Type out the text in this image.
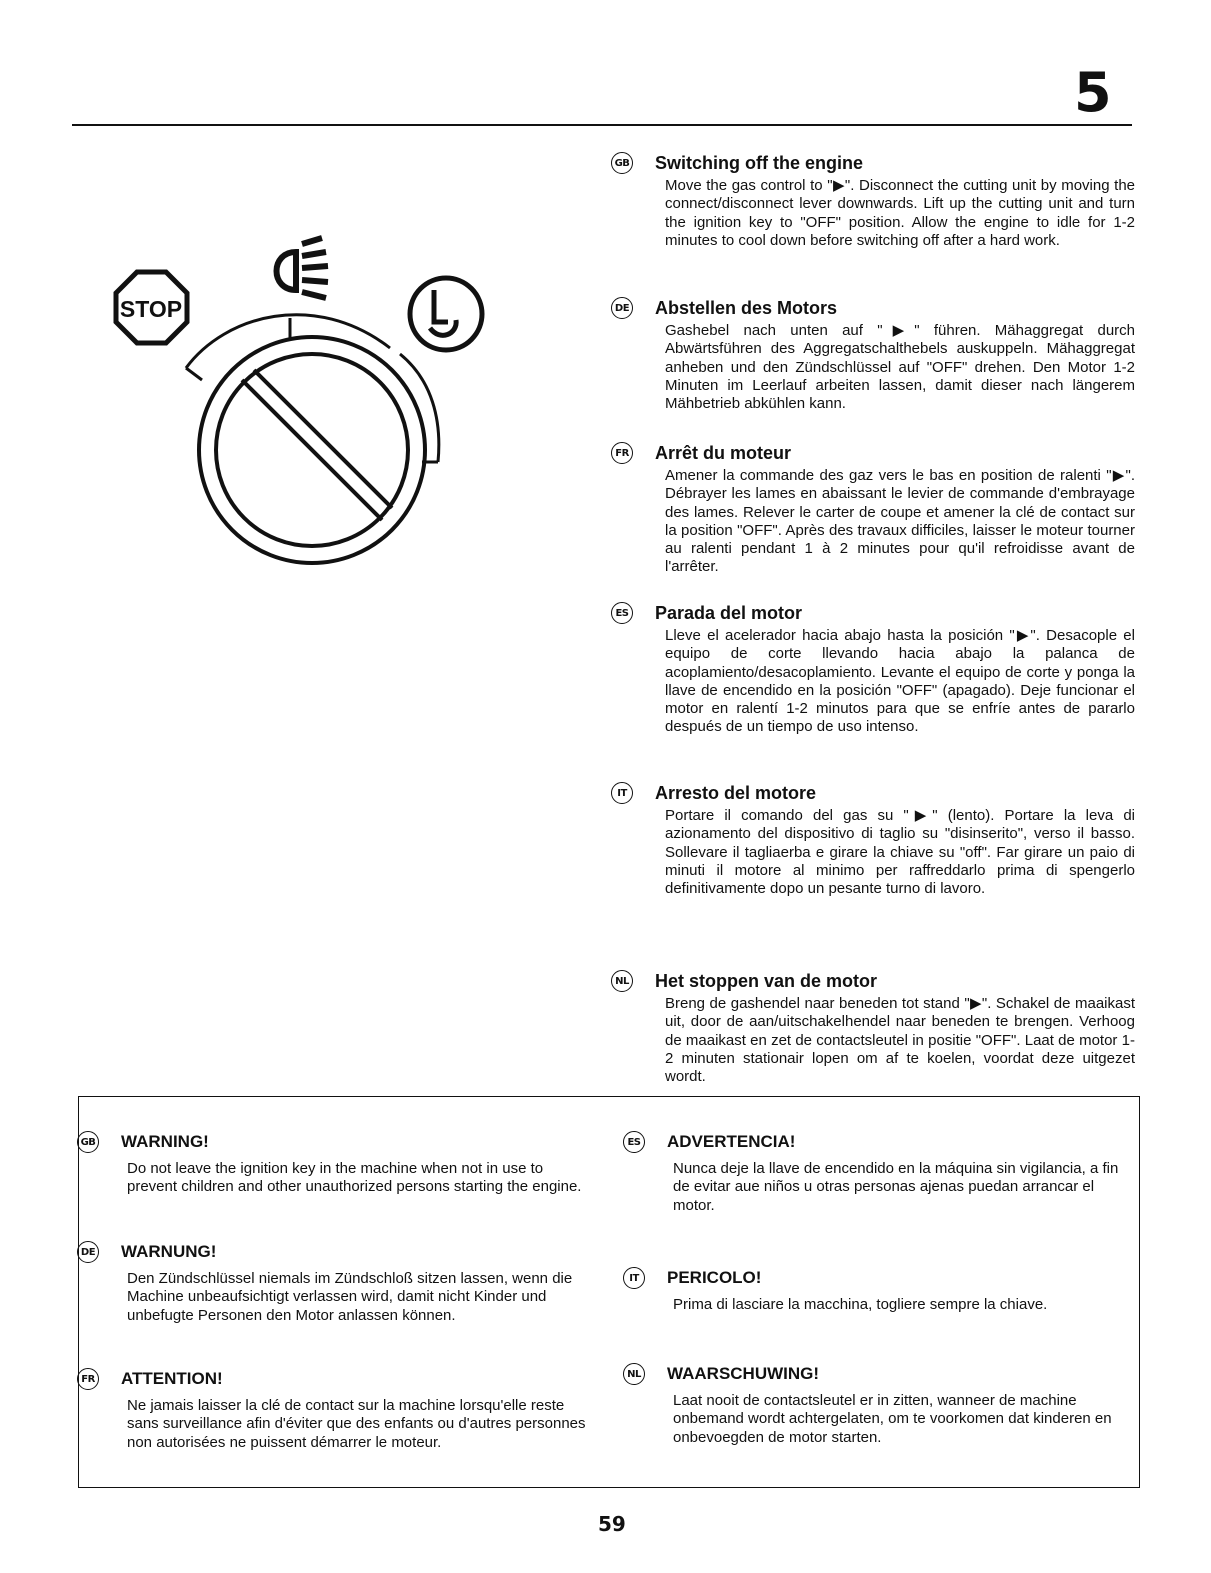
5
STOP
GB Switching off the engine
Move the gas control to "▶". Disconnect the cutting unit by moving the connect/disconnect lever downwards. Lift up the cutting unit and turn the ignition key to "OFF" position. Allow the engine to idle for 1-2 minutes to cool down before switching off after a hard work.
DE Abstellen des Motors
Gashebel nach unten auf "▶" führen. Mähaggregat durch Abwärtsführen des Aggregatschalthebels auskuppeln. Mähaggregat anheben und den Zündschlüssel auf "OFF" drehen. Den Motor 1-2 Minuten im Leerlauf arbeiten lassen, damit dieser nach längerem Mähbetrieb abkühlen kann.
FR Arrêt du moteur
Amener la commande des gaz vers le bas en position de ralenti "▶". Débrayer les lames en abaissant le levier de commande d'embrayage des lames. Relever le carter de coupe et amener la clé de contact sur la position "OFF". Après des travaux difficiles, laisser le moteur tourner au ralenti pendant 1 à 2 minutes pour qu'il refroidisse avant de l'arrêter.
ES Parada del motor
Lleve el acelerador hacia abajo hasta la posición "▶". Desacople el equipo de corte llevando hacia abajo la palanca de acoplamiento/desacoplamiento. Levante el equipo de corte y ponga la llave de encendido en la posición "OFF" (apagado). Deje funcionar el motor en ralentí 1-2 minutos para que se enfríe antes de pararlo después de un tiempo de uso intenso.
IT	Arresto del motore
Portare il comando del gas su "▶" (lento). Portare la leva di azionamento del dispositivo di taglio su "disinserito", verso il basso. Sollevare il tagliaerba e girare la chiave su "off". Far girare un paio di minuti il motore al minimo per raffreddarlo prima di spengerlo definitivamente dopo un pesante turno di lavoro.
NL Het stoppen van de motor
Breng de gashendel naar beneden tot stand "▶". Schakel de maaikast uit, door de aan/uitschakelhendel naar beneden te brengen. Verhoog de maaikast en zet de contactsleutel in positie "OFF". Laat de motor 1-2 minuten stationair lopen om af te koelen, voordat deze uitgezet wordt.
GB WARNING!
Do not leave the ignition key in the machine when not in use to prevent children and other unauthorized persons starting the engine.
DE WARNUNG!
Den Zündschlüssel niemals im Zündschloß sitzen lassen, wenn die Machine unbeaufsichtigt verlassen wird, damit nicht Kinder und unbefugte Personen den Motor anlassen können.
FR ATTENTION!
Ne jamais laisser la clé de contact sur la machine lorsqu'elle reste sans surveillance afin d'éviter que des enfants ou d'autres personnes non autorisées ne puissent démarrer le moteur.
ES ADVERTENCIA!
Nunca deje la llave de encendido en la máquina sin vigilancia, a fin de evitar aue niños u otras personas ajenas puedan arrancar el motor.
IT	PERICOLO!
Prima di lasciare la macchina, togliere sempre la chiave.
NL WAARSCHUWING!
Laat nooit de contactsleutel er in zitten, wanneer de machine onbemand wordt achtergelaten, om te voorkomen dat kinderen en onbevoegden de motor starten.
59
